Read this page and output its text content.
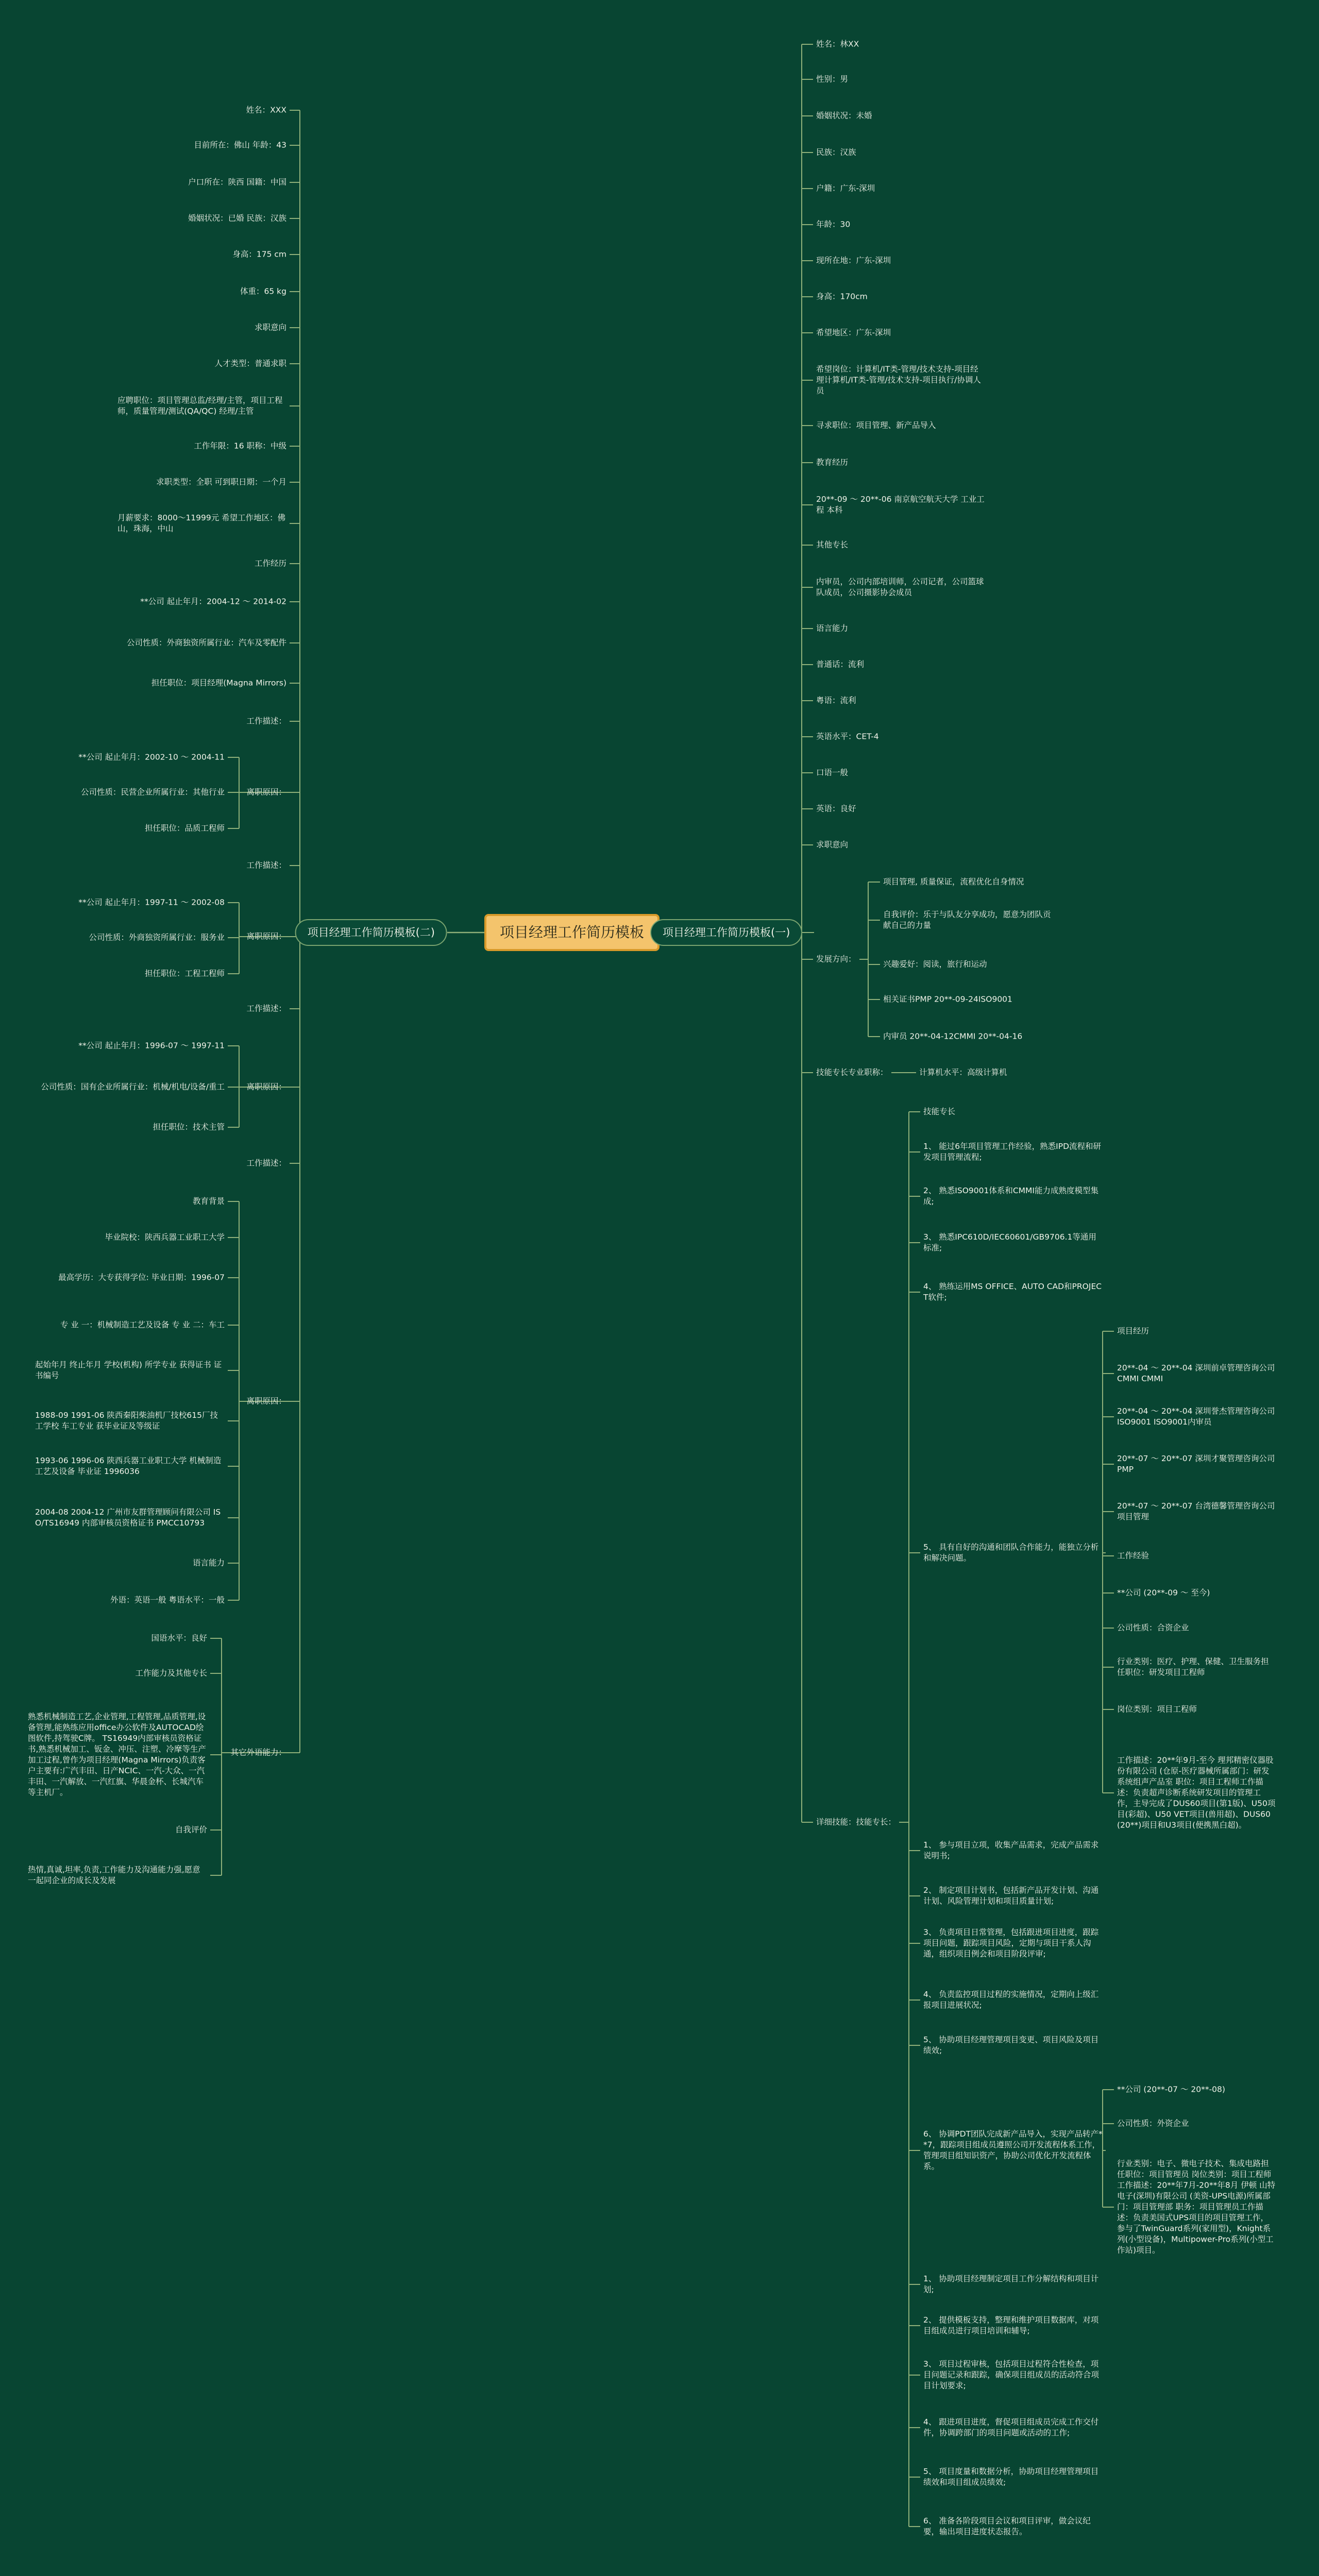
项目经理工作简历模板	项目经理工作简历模板(一)
项目经理工作简历模板(二)
姓名：林XX
性别：男
婚姻状况：未婚
民族：汉族
户籍：广东-深圳
年龄：30
现所在地：广东-深圳
身高：170cm
希望地区：广东-深圳
希望岗位：计算机/IT类-管理/技术支持-项目经理计算机/IT类-管理/技术支持-项目执行/协调人员
寻求职位：项目管理、新产品导入
教育经历
20**-09 ～ 20**-06 南京航空航天大学 工业工程 本科
其他专长
内审员，公司内部培训师，公司记者，公司篮球队成员，公司摄影协会成员
语言能力
普通话：流利
粤语：流利
英语水平：CET-4
口语一般
英语：良好
求职意向
发展方向：
技能专长专业职称：
详细技能：技能专长：
项目管理, 质量保证，流程优化自身情况
自我评价：乐于与队友分享成功，愿意为团队贡献自己的力量
兴趣爱好：阅读，旅行和运动
相关证书PMP 20**-09-24ISO9001
内审员 20**-04-12CMMI 20**-04-16
计算机水平：高级计算机
技能专长
1、 能过6年项目管理工作经验，熟悉IPD流程和研发项目管理流程;
2、 熟悉ISO9001体系和CMMI能力成熟度模型集成;
3、 熟悉IPC610D/IEC60601/GB9706.1等通用标准;
4、 熟练运用MS OFFICE、AUTO CAD和PROJECT软件;
5、 具有自好的沟通和团队合作能力，能独立分析和解决问题。
1、 参与项目立项，收集产品需求，完成产品需求说明书;
2、 制定项目计划书，包括新产品开发计划、沟通计划、风险管理计划和项目质量计划;
3、 负责项目日常管理，包括跟进项目进度，跟踪项目问题，跟踪项目风险，定期与项目干系人沟通，组织项目例会和项目阶段评审;
4、 负责监控项目过程的实施情况，定期向上级汇报项目进展状况;
5、 协助项目经理管理项目变更、项目风险及项目绩效;
6、 协调PDT团队完成新产品导入，实现产品转产**7，跟踪项目组成员遵照公司开发流程体系工作，管理项目组知识资产，协助公司优化开发流程体系。
1、 协助项目经理制定项目工作分解结构和项目计划;
2、 提供模板支持，整理和维护项目数据库，对项目组成员进行项目培训和辅导;
3、 项目过程审核，包括项目过程符合性检查，项目问题记录和跟踪，确保项目组成员的活动符合项目计划要求;
4、 跟进项目进度，督促项目组成员完成工作交付件，协调跨部门的项目问题或活动的工作;
5、 项目度量和数据分析，协助项目经理管理项目绩效和项目组成员绩效;
6、 准备各阶段项目会议和项目评审，做会议纪要，输出项目进度状态报告。
项目经历
20**-04 ～ 20**-04 深圳前卓管理咨询公司 CMMI CMMI
20**-04 ～ 20**-04 深圳誉杰管理咨询公司 ISO9001 ISO9001内审员
20**-07 ～ 20**-07 深圳才聚管理咨询公司 PMP
20**-07 ～ 20**-07 台湾德馨管理咨询公司 项目管理
工作经验
**公司 (20**-09 ～ 至今)
公司性质：合资企业
行业类别：医疗、护理、保健、卫生服务担任职位：研发项目工程师
岗位类别：项目工程师
工作描述：20**年9月-至今 理邦精密仪器股份有限公司 (仓原-医疗器械所属部门：研发系统组声产品室 职位：项目工程师工作描述：负责超声诊断系统研发项目的管理工作，主导完成了DUS60项目(第1版)、U50项目(彩超)、U50 VET项目(兽用超)、DUS60(20**)项目和U3项目(便携黑白超)。
**公司 (20**-07 ～ 20**-08)
公司性质：外资企业
行业类别：电子、微电子技术、集成电路担任职位：项目管理员 岗位类别：项目工程师工作描述：20**年7月-20**年8月 伊顿 山特电子(深圳)有限公司 (美资-UPS电源)所属部门：项目管理部 职务：项目管理员工作描述：负责美国式UPS项目的项目管理工作，参与了TwinGuard系列(家用型)，Knight系列(小型设备)，Multipower-Pro系列(小型工作站)项目。
姓名：XXX
目前所在：佛山 年龄：43
户口所在：陕西 国籍：中国
婚姻状况：已婚 民族：汉族
身高：175 cm
体重：65 kg
求职意向
人才类型：普通求职
应聘职位：项目管理总监/经理/主管，项目工程师，质量管理/测试(QA/QC) 经理/主管
工作年限：16 职称：中级
求职类型：全职 可到职日期：一个月
月薪要求：8000～11999元 希望工作地区：佛山，珠海，中山
工作经历
**公司 起止年月：2004-12 ～ 2014-02
公司性质：外商独资所属行业：汽车及零配件
担任职位：项目经理(Magna Mirrors)
工作描述：
离职原因：
工作描述：
离职原因：
工作描述：
离职原因：
工作描述：
离职原因：
其它外语能力：
**公司 起止年月：2002-10 ～ 2004-11
公司性质：民营企业所属行业：其他行业
担任职位：品质工程师
**公司 起止年月：1997-11 ～ 2002-08
公司性质：外商独资所属行业：服务业
担任职位：工程工程师
**公司 起止年月：1996-07 ～ 1997-11
公司性质：国有企业所属行业：机械/机电/设备/重工
担任职位：技术主管
教育背景
毕业院校：陕西兵器工业职工大学
最高学历：大专获得学位: 毕业日期：1996-07
专 业 一：机械制造工艺及设备 专 业 二：车工
起始年月 终止年月 学校(机构) 所学专业 获得证书 证书编号
1988-09 1991-06 陕西秦阳柴油机厂技校615厂技工学校 车工专业 获毕业证及等级证
1993-06 1996-06 陕西兵器工业职工大学 机械制造工艺及设备 毕业证 1996036
2004-08 2004-12 广州市友群管理顾问有限公司 ISO/TS16949 内部审核员资格证书 PMCC10793
语言能力
外语：英语一般 粤语水平：一般
国语水平：良好
工作能力及其他专长
熟悉机械制造工艺,企业管理,工程管理,品质管理,设备管理,能熟练应用office办公软件及AUTOCAD绘图软件,持驾驶C牌。 TS16949内部审核员资格证书,熟悉机械加工、钣金、冲压、注塑、冷摩等生产加工过程,曾作为项目经理(Magna Mirrors)负责客户主要有:广汽丰田、日产NCIC、一汽-大众、一汽丰田、一汽解放、一汽红旗、华晨金杯、长城汽车等主机厂。
自我评价
热情,真诚,坦率,负责,工作能力及沟通能力强,愿意一起同企业的成长及发展
